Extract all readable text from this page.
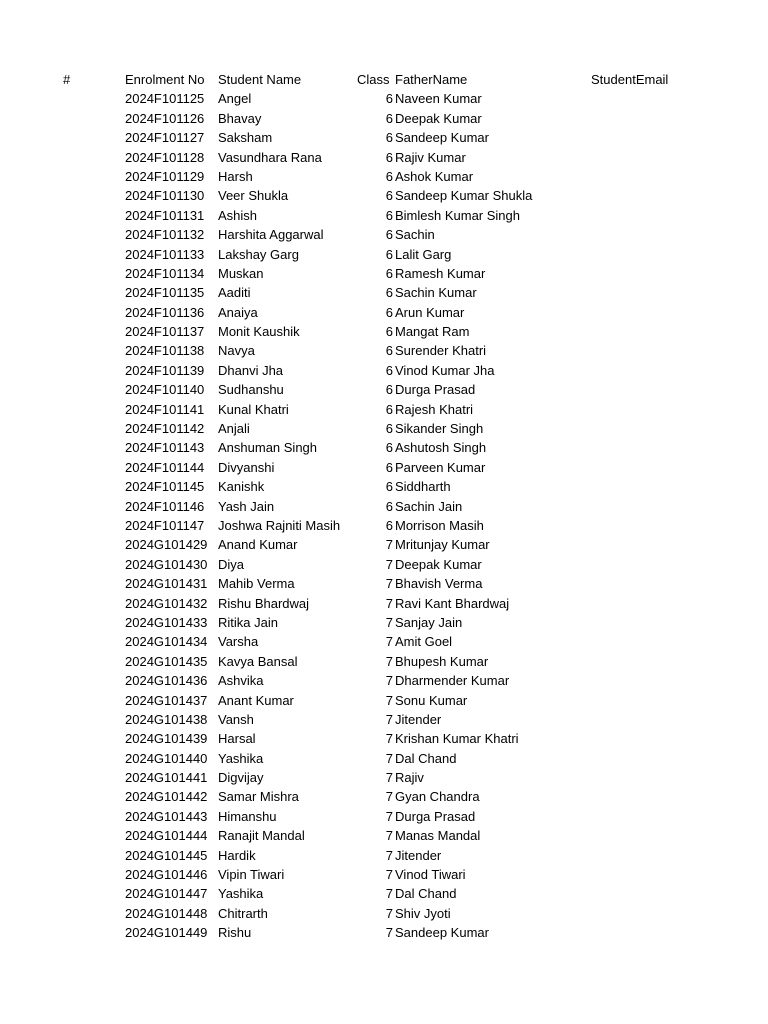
#	Enrolment No Student Name	Class FatherName	StudentEmail
2024F101125 Angel	6 Naveen Kumar
2024F101126 Bhavay	6 Deepak Kumar
2024F101127 Saksham	6 Sandeep Kumar
2024F101128 Vasundhara Rana	6 Rajiv Kumar
2024F101129 Harsh	6 Ashok Kumar
2024F101130 Veer Shukla	6 Sandeep Kumar Shukla
2024F101131 Ashish	6 Bimlesh Kumar Singh
2024F101132 Harshita Aggarwal	6 Sachin
2024F101133 Lakshay Garg	6 Lalit Garg
2024F101134 Muskan	6 Ramesh Kumar
2024F101135 Aaditi	6 Sachin Kumar
2024F101136 Anaiya	6 Arun Kumar
2024F101137 Monit Kaushik	6 Mangat Ram
2024F101138 Navya	6 Surender Khatri
2024F101139 Dhanvi Jha	6 Vinod Kumar Jha
2024F101140 Sudhanshu	6 Durga Prasad
2024F101141 Kunal Khatri	6 Rajesh Khatri
2024F101142 Anjali	6 Sikander Singh
2024F101143 Anshuman Singh	6 Ashutosh Singh
2024F101144 Divyanshi	6 Parveen Kumar
2024F101145 Kanishk	6 Siddharth
2024F101146 Yash Jain	6 Sachin Jain
2024F101147 Joshwa Rajniti Masih	6 Morrison Masih
2024G101429 Anand Kumar	7 Mritunjay Kumar
2024G101430 Diya	7 Deepak Kumar
2024G101431 Mahib Verma	7 Bhavish Verma
2024G101432 Rishu Bhardwaj	7 Ravi Kant Bhardwaj
2024G101433 Ritika Jain	7 Sanjay Jain
2024G101434 Varsha	7 Amit Goel
2024G101435 Kavya Bansal	7 Bhupesh Kumar
2024G101436 Ashvika	7 Dharmender Kumar
2024G101437 Anant Kumar	7 Sonu Kumar
2024G101438 Vansh	7 Jitender
2024G101439 Harsal	7 Krishan Kumar Khatri
2024G101440 Yashika	7 Dal Chand
2024G101441 Digvijay	7 Rajiv
2024G101442 Samar Mishra	7 Gyan Chandra
2024G101443 Himanshu	7 Durga Prasad
2024G101444 Ranajit Mandal	7 Manas Mandal
2024G101445 Hardik	7 Jitender
2024G101446 Vipin Tiwari	7 Vinod Tiwari
2024G101447 Yashika	7 Dal Chand
2024G101448 Chitrarth	7 Shiv Jyoti
2024G101449 Rishu	7 Sandeep Kumar
